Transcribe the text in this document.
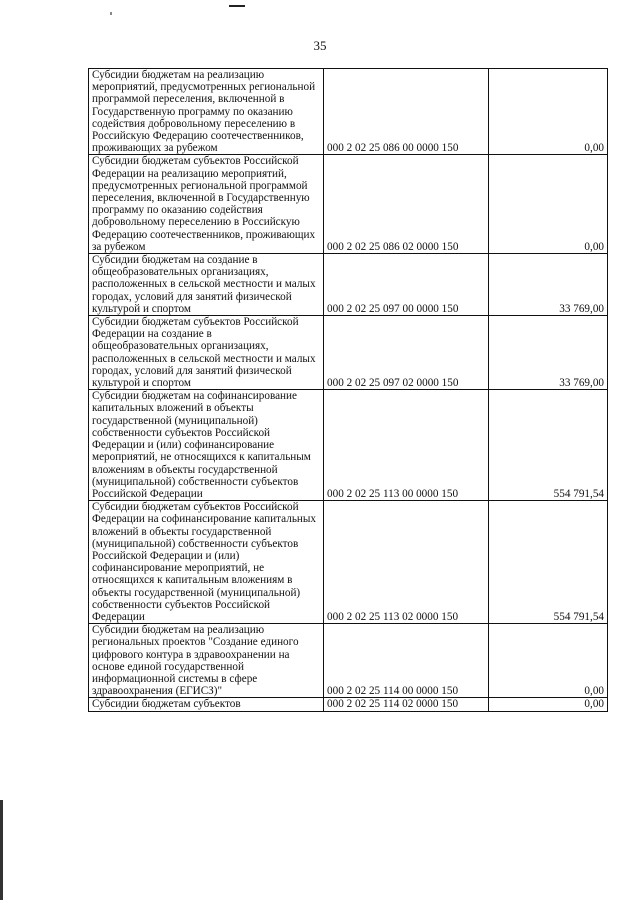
35
Субсидии бюджетам на реализацию мероприятий, предусмотренных региональной программой переселения, включенной в Государственную программу по оказанию содействия добровольному переселению в Российскую Федерацию соотечественников, проживающих за рубежом	000 2 02 25 086 00 0000 150	0,00
Субсидии бюджетам субъектов Российской Федерации на реализацию мероприятий, предусмотренных региональной программой переселения, включенной в Государственную программу по оказанию содействия добровольному переселению в Российскую Федерацию соотечественников, проживающих за рубежом	000 2 02 25 086 02 0000 150	0,00
Субсидии бюджетам на создание в общеобразовательных организациях, расположенных в сельской местности и малых городах, условий для занятий физической культурой и спортом	000 2 02 25 097 00 0000 150	33 769,00
Субсидии бюджетам субъектов Российской Федерации на создание в общеобразовательных организациях, расположенных в сельской местности и малых городах, условий для занятий физической культурой и спортом	000 2 02 25 097 02 0000 150	33 769,00
Субсидии бюджетам на софинансирование капитальных вложений в объекты государственной (муниципальной) собственности субъектов Российской Федерации и (или) софинансирование мероприятий, не относящихся к капитальным вложениям в объекты государственной (муниципальной) собственности субъектов Российской Федерации	000 2 02 25 113 00 0000 150	554 791,54
Субсидии бюджетам субъектов Российской Федерации на софинансирование капитальных вложений в объекты государственной (муниципальной) собственности субъектов Российской Федерации и (или) софинансирование мероприятий, не относящихся к капитальным вложениям в объекты государственной (муниципальной) собственности субъектов Российской Федерации	000 2 02 25 113 02 0000 150	554 791,54
Субсидии бюджетам на реализацию региональных проектов "Создание единого цифрового контура в здравоохранении на основе единой государственной информационной системы в сфере здравоохранения (ЕГИСЗ)"	000 2 02 25 114 00 0000 150	0,00
Субсидии бюджетам субъектов	000 2 02 25 114 02 0000 150	0,00
